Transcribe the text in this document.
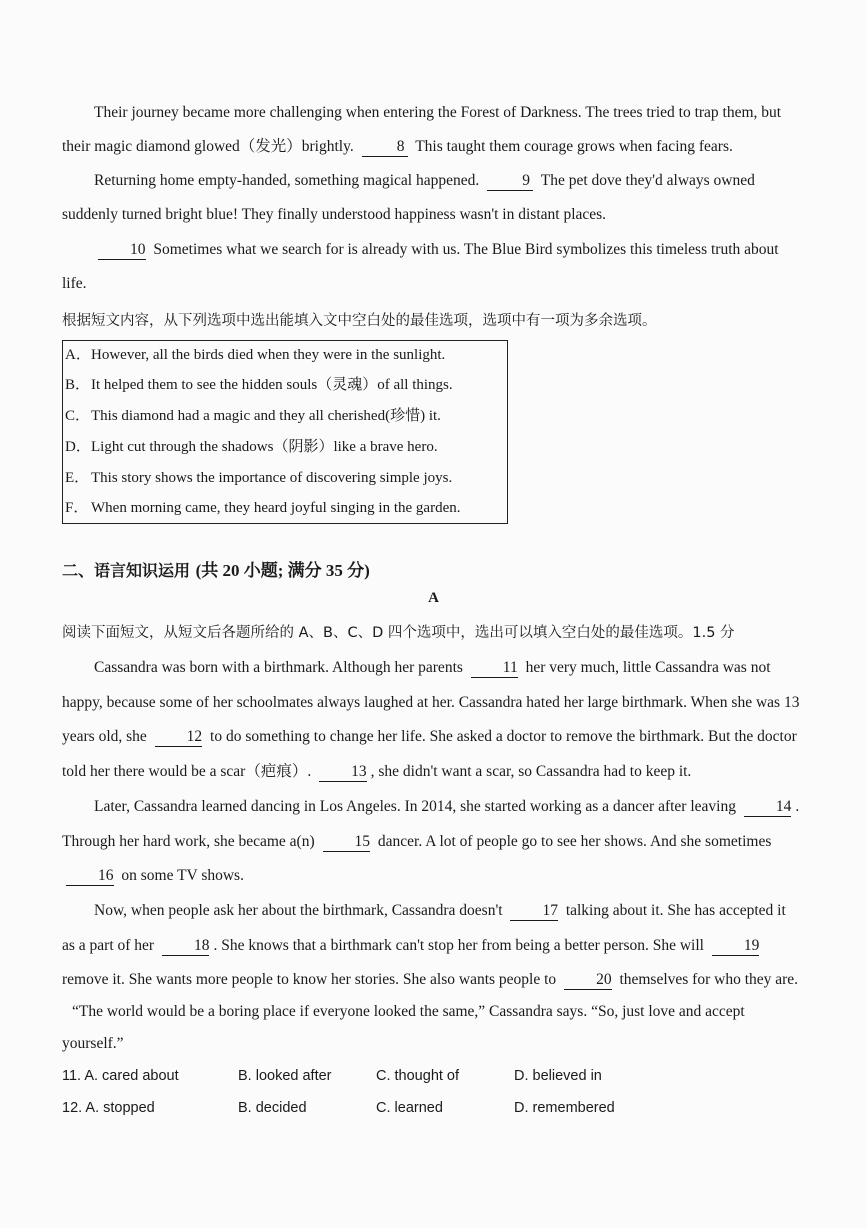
Their journey became more challenging when entering the Forest of Darkness. The trees tried to trap them, but their magic diamond glowed（发光）brightly.	8 This taught them courage grows when facing fears.

Returning home empty-handed, something magical happened.	9 The pet dove they'd always owned suddenly turned bright blue! They finally understood happiness wasn't in distant places.

10 Sometimes what we search for is already with us. The Blue Bird symbolizes this timeless truth about life.

根据短文内容，从下列选项中选出能填入文中空白处的最佳选项，选项中有一项为多余选项。

A．However, all the birds died when they were in the sunlight.
B．It helped them to see the hidden souls（灵魂）of all things.
C．This diamond had a magic and they all cherished(珍惜) it.
D．Light cut through the shadows（阴影）like a brave hero.
E． This story shows the importance of discovering simple joys.
F． When morning came, they heard joyful singing in the garden.
二、语言知识运用 (共 20 小题; 满分 35 分)
A

阅读下面短文，从短文后各题所给的 A、B、C、D 四个选项中，选出可以填入空白处的最佳选项。1.5 分

Cassandra was born with a birthmark. Although her parents	11 her very much, little Cassandra was not happy, because some of her schoolmates always laughed at her. Cassandra hated her large birthmark. When she was 13 years old, she	12 to do something to change her life. She asked a doctor to remove the birthmark. But the doctor told her there would be a scar（疤痕）.	13 , she didn't want a scar, so Cassandra had to keep it.

Later, Cassandra learned dancing in Los Angeles. In 2014, she started working as a dancer after leaving	14 . Through her hard work, she became a(n)	15 dancer. A lot of people go to see her shows. And she sometimes 16 on some TV shows.

Now, when people ask her about the birthmark, Cassandra doesn't	17 talking about it. She has accepted it as a part of her	18 . She knows that a birthmark can't stop her from being a better person. She will	19 remove it. She wants more people to know her stories. She also wants people to	20 themselves for who they are.

“The world would be a boring place if everyone looked the same,” Cassandra says. “So, just love and accept yourself.”

11. A. cared about	B. looked after	C. thought of	D. believed in
12. A. stopped	B. decided	C. learned	D. remembered
